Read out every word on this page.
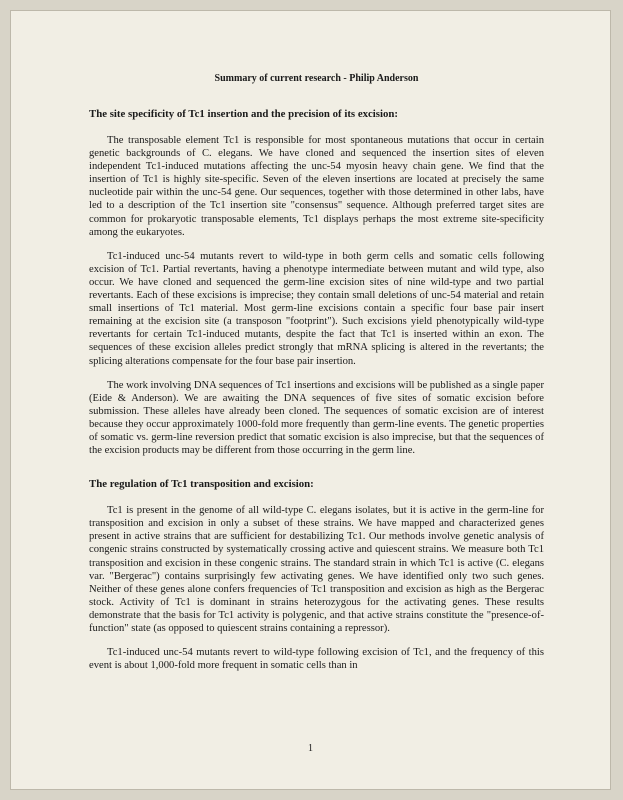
Summary of current research - Philip Anderson
The site specificity of Tc1 insertion and the precision of its excision:

The transposable element Tc1 is responsible for most spontaneous mutations that occur in certain genetic backgrounds of C. elegans. We have cloned and sequenced the insertion sites of eleven independent Tc1-induced mutations affecting the unc-54 myosin heavy chain gene. We find that the insertion of Tc1 is highly site-specific. Seven of the eleven insertions are located at precisely the same nucleotide pair within the unc-54 gene. Our sequences, together with those determined in other labs, have led to a description of the Tc1 insertion site "consensus" sequence. Although preferred target sites are common for prokaryotic transposable elements, Tc1 displays perhaps the most extreme site-specificity among the eukaryotes.

Tc1-induced unc-54 mutants revert to wild-type in both germ cells and somatic cells following excision of Tc1. Partial revertants, having a phenotype intermediate between mutant and wild type, also occur. We have cloned and sequenced the germ-line excision sites of nine wild-type and two partial revertants. Each of these excisions is imprecise; they contain small deletions of unc-54 material and retain small insertions of Tc1 material. Most germ-line excisions contain a specific four base pair insert remaining at the excision site (a transposon "footprint"). Such excisions yield phenotypically wild-type revertants for certain Tc1-induced mutants, despite the fact that Tc1 is inserted within an exon. The sequences of these excision alleles predict strongly that mRNA splicing is altered in the revertants; the splicing alterations compensate for the four base pair insertion.

The work involving DNA sequences of Tc1 insertions and excisions will be published as a single paper (Eide & Anderson). We are awaiting the DNA sequences of five sites of somatic excision before submission. These alleles have already been cloned. The sequences of somatic excision are of interest because they occur approximately 1000-fold more frequently than germ-line events. The genetic properties of somatic vs. germ-line reversion predict that somatic excision is also imprecise, but that the sequences of the excision products may be different from those occurring in the germ line.

The regulation of Tc1 transposition and excision:

Tc1 is present in the genome of all wild-type C. elegans isolates, but it is active in the germ-line for transposition and excision in only a subset of these strains. We have mapped and characterized genes present in active strains that are sufficient for destabilizing Tc1. Our methods involve genetic analysis of congenic strains constructed by systematically crossing active and quiescent strains. We measure both Tc1 transposition and excision in these congenic strains. The standard strain in which Tc1 is active (C. elegans var. "Bergerac") contains surprisingly few activating genes. We have identified only two such genes. Neither of these genes alone confers frequencies of Tc1 transposition and excision as high as the Bergerac stock. Activity of Tc1 is dominant in strains heterozygous for the activating genes. These results demonstrate that the basis for Tc1 activity is polygenic, and that active strains constitute the "presence-of-function" state (as opposed to quiescent strains containing a repressor).

Tc1-induced unc-54 mutants revert to wild-type following excision of Tc1, and the frequency of this event is about 1,000-fold more frequent in somatic cells than in

1
